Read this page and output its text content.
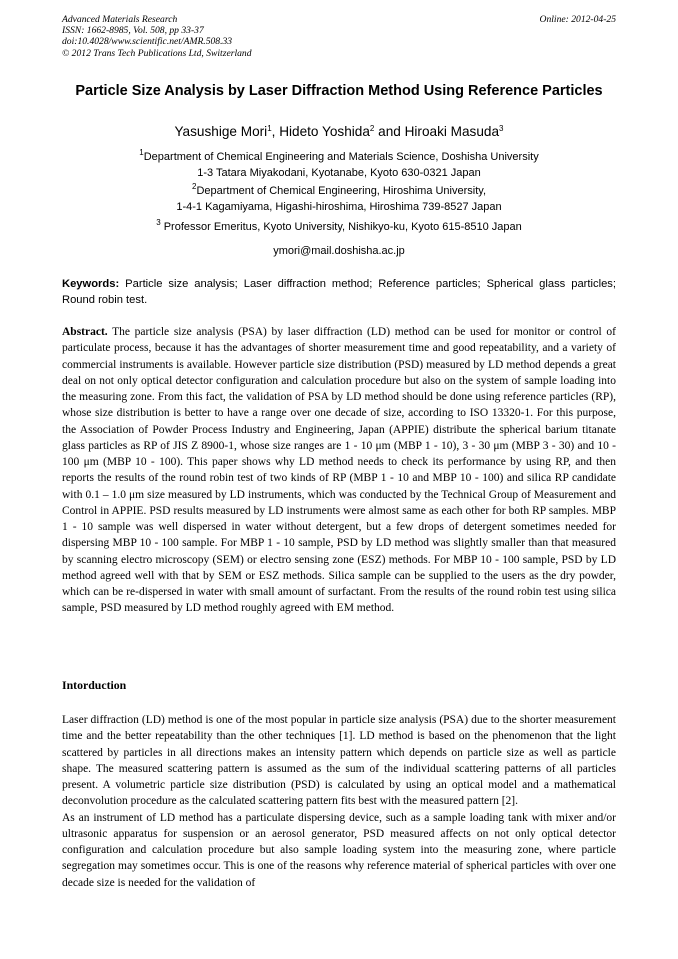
Advanced Materials Research
ISSN: 1662-8985, Vol. 508, pp 33-37
doi:10.4028/www.scientific.net/AMR.508.33
© 2012 Trans Tech Publications Ltd, Switzerland
Online: 2012-04-25
Particle Size Analysis by Laser Diffraction Method Using Reference Particles
Yasushige Mori$^1$, Hideto Yoshida$^2$ and Hiroaki Masuda$^3$
$^1$Department of Chemical Engineering and Materials Science, Doshisha University
1-3 Tatara Miyakodani, Kyotanabe, Kyoto 630-0321 Japan
$^2$Department of Chemical Engineering, Hiroshima University,
1-4-1 Kagamiyama, Higashi-hiroshima, Hiroshima 739-8527 Japan
$^3$ Professor Emeritus, Kyoto University, Nishikyo-ku, Kyoto 615-8510 Japan
ymori@mail.doshisha.ac.jp
Keywords: Particle size analysis; Laser diffraction method; Reference particles; Spherical glass particles; Round robin test.
Abstract. The particle size analysis (PSA) by laser diffraction (LD) method can be used for monitor or control of particulate process, because it has the advantages of shorter measurement time and good repeatability, and a variety of commercial instruments is available. However particle size distribution (PSD) measured by LD method depends a great deal on not only optical detector configuration and calculation procedure but also on the system of sample loading into the measuring zone. From this fact, the validation of PSA by LD method should be done using reference particles (RP), whose size distribution is better to have a range over one decade of size, according to ISO 13320-1. For this purpose, the Association of Powder Process Industry and Engineering, Japan (APPIE) distribute the spherical barium titanate glass particles as RP of JIS Z 8900-1, whose size ranges are 1 - 10 μm (MBP 1 - 10), 3 - 30 μm (MBP 3 - 30) and 10 - 100 μm (MBP 10 - 100). This paper shows why LD method needs to check its performance by using RP, and then reports the results of the round robin test of two kinds of RP (MBP 1 - 10 and MBP 10 - 100) and silica RP candidate with 0.1 – 1.0 μm size measured by LD instruments, which was conducted by the Technical Group of Measurement and Control in APPIE. PSD results measured by LD instruments were almost same as each other for both RP samples. MBP 1 - 10 sample was well dispersed in water without detergent, but a few drops of detergent sometimes needed for dispersing MBP 10 - 100 sample. For MBP 1 - 10 sample, PSD by LD method was slightly smaller than that measured by scanning electro microscopy (SEM) or electro sensing zone (ESZ) methods. For MBP 10 - 100 sample, PSD by LD method agreed well with that by SEM or ESZ methods. Silica sample can be supplied to the users as the dry powder, which can be re-dispersed in water with small amount of surfactant. From the results of the round robin test using silica sample, PSD measured by LD method roughly agreed with EM method.
Intorduction

Laser diffraction (LD) method is one of the most popular in particle size analysis (PSA) due to the shorter measurement time and the better repeatability than the other techniques [1]. LD method is based on the phenomenon that the light scattered by particles in all directions makes an intensity pattern which depends on particle size as well as particle shape. The measured scattering pattern is assumed as the sum of the individual scattering patterns of all particles present. A volumetric particle size distribution (PSD) is calculated by using an optical model and a mathematical deconvolution procedure as the calculated scattering pattern fits best with the measured pattern [2].

As an instrument of LD method has a particulate dispersing device, such as a sample loading tank with mixer and/or ultrasonic apparatus for suspension or an aerosol generator, PSD measured affects on not only optical detector configuration and calculation procedure but also sample loading system into the measuring zone, where particle segregation may sometimes occur. This is one of the reasons why reference material of spherical particles with over one decade size is needed for the validation of
